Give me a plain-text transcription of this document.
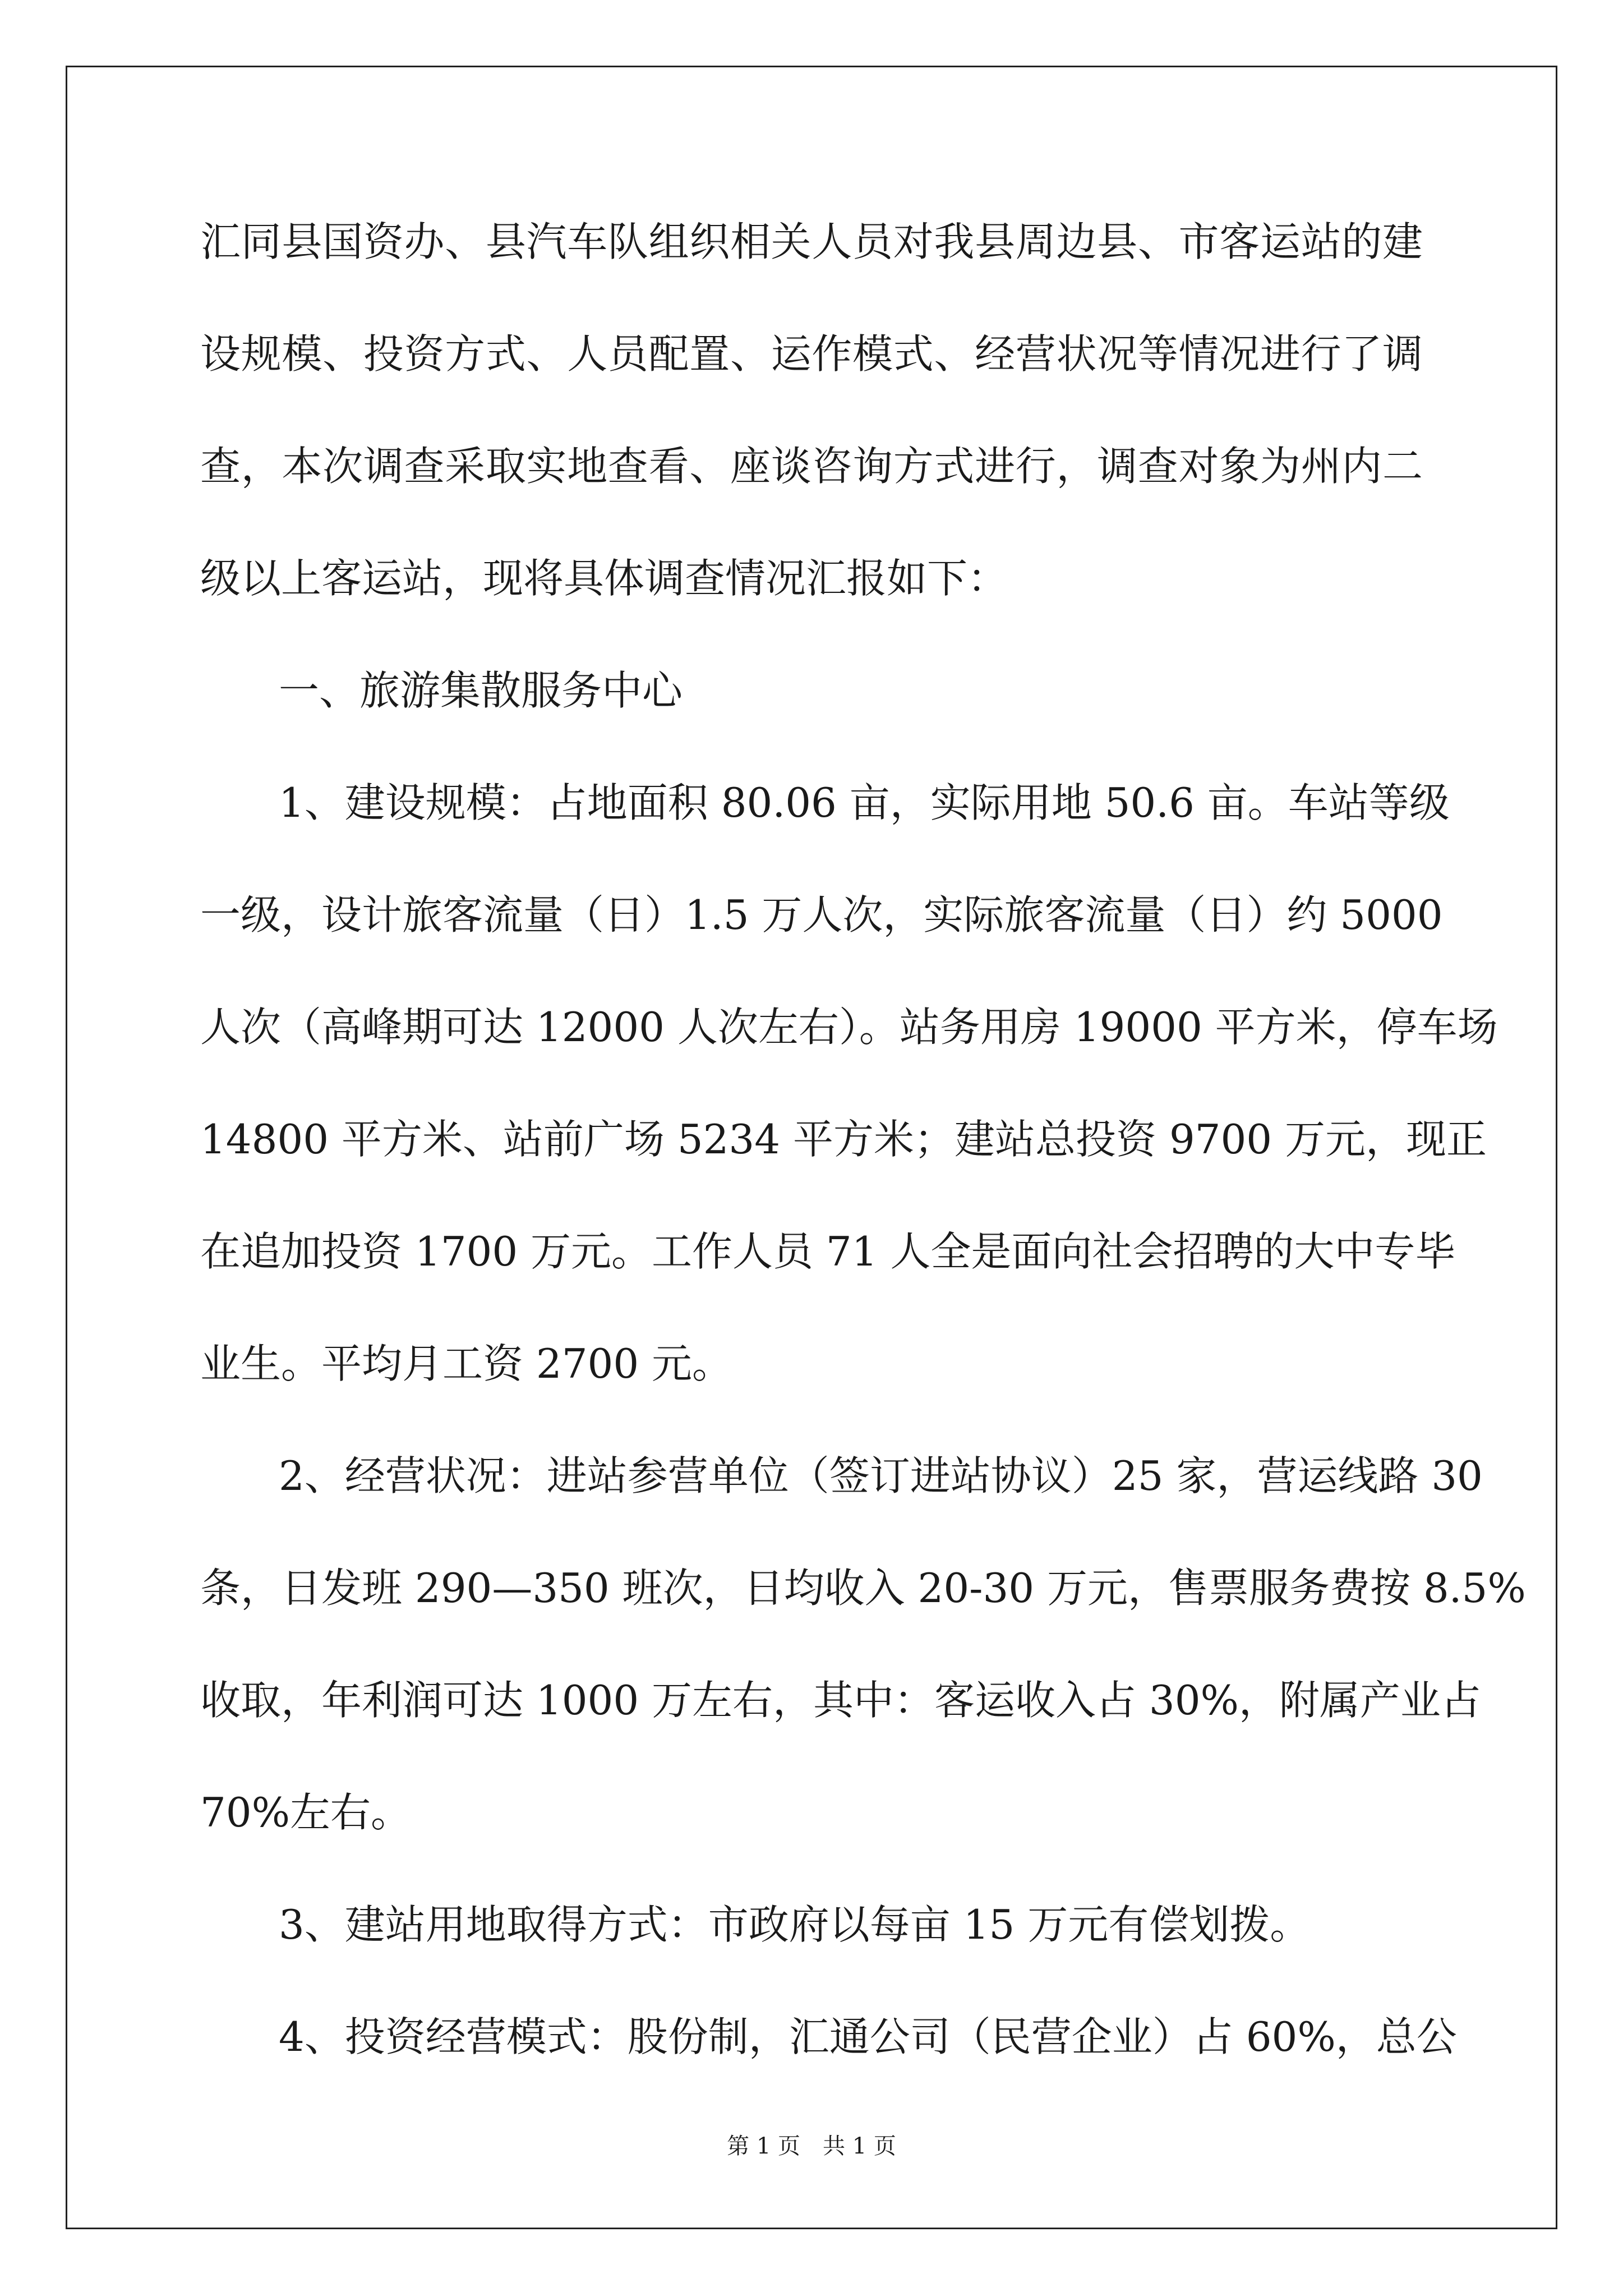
汇同县国资办、县汽车队组织相关人员对我县周边县、市客运站的建
设规模、投资方式、人员配置、运作模式、经营状况等情况进行了调
查，本次调查采取实地查看、座谈咨询方式进行，调查对象为州内二
级以上客运站，现将具体调查情况汇报如下：
一、旅游集散服务中心
1、建设规模：占地面积 80.06 亩，实际用地 50.6 亩。车站等级
一级，设计旅客流量（日）1.5 万人次，实际旅客流量（日）约 5000
人次（高峰期可达 12000 人次左右）。站务用房 19000 平方米，停车场
14800 平方米、站前广场 5234 平方米；建站总投资 9700 万元，现正
在追加投资 1700 万元。工作人员 71 人全是面向社会招聘的大中专毕
业生。平均月工资 2700 元。
2、经营状况：进站参营单位（签订进站协议）25 家，营运线路 30
条，日发班 290—350 班次，日均收入 20-30 万元，售票服务费按 8.5%
收取，年利润可达 1000 万左右，其中：客运收入占 30%，附属产业占
70%左右。
3、建站用地取得方式：市政府以每亩 15 万元有偿划拨。
4、投资经营模式：股份制，汇通公司（民营企业）占 60%，总公
第 1 页　共 1 页
